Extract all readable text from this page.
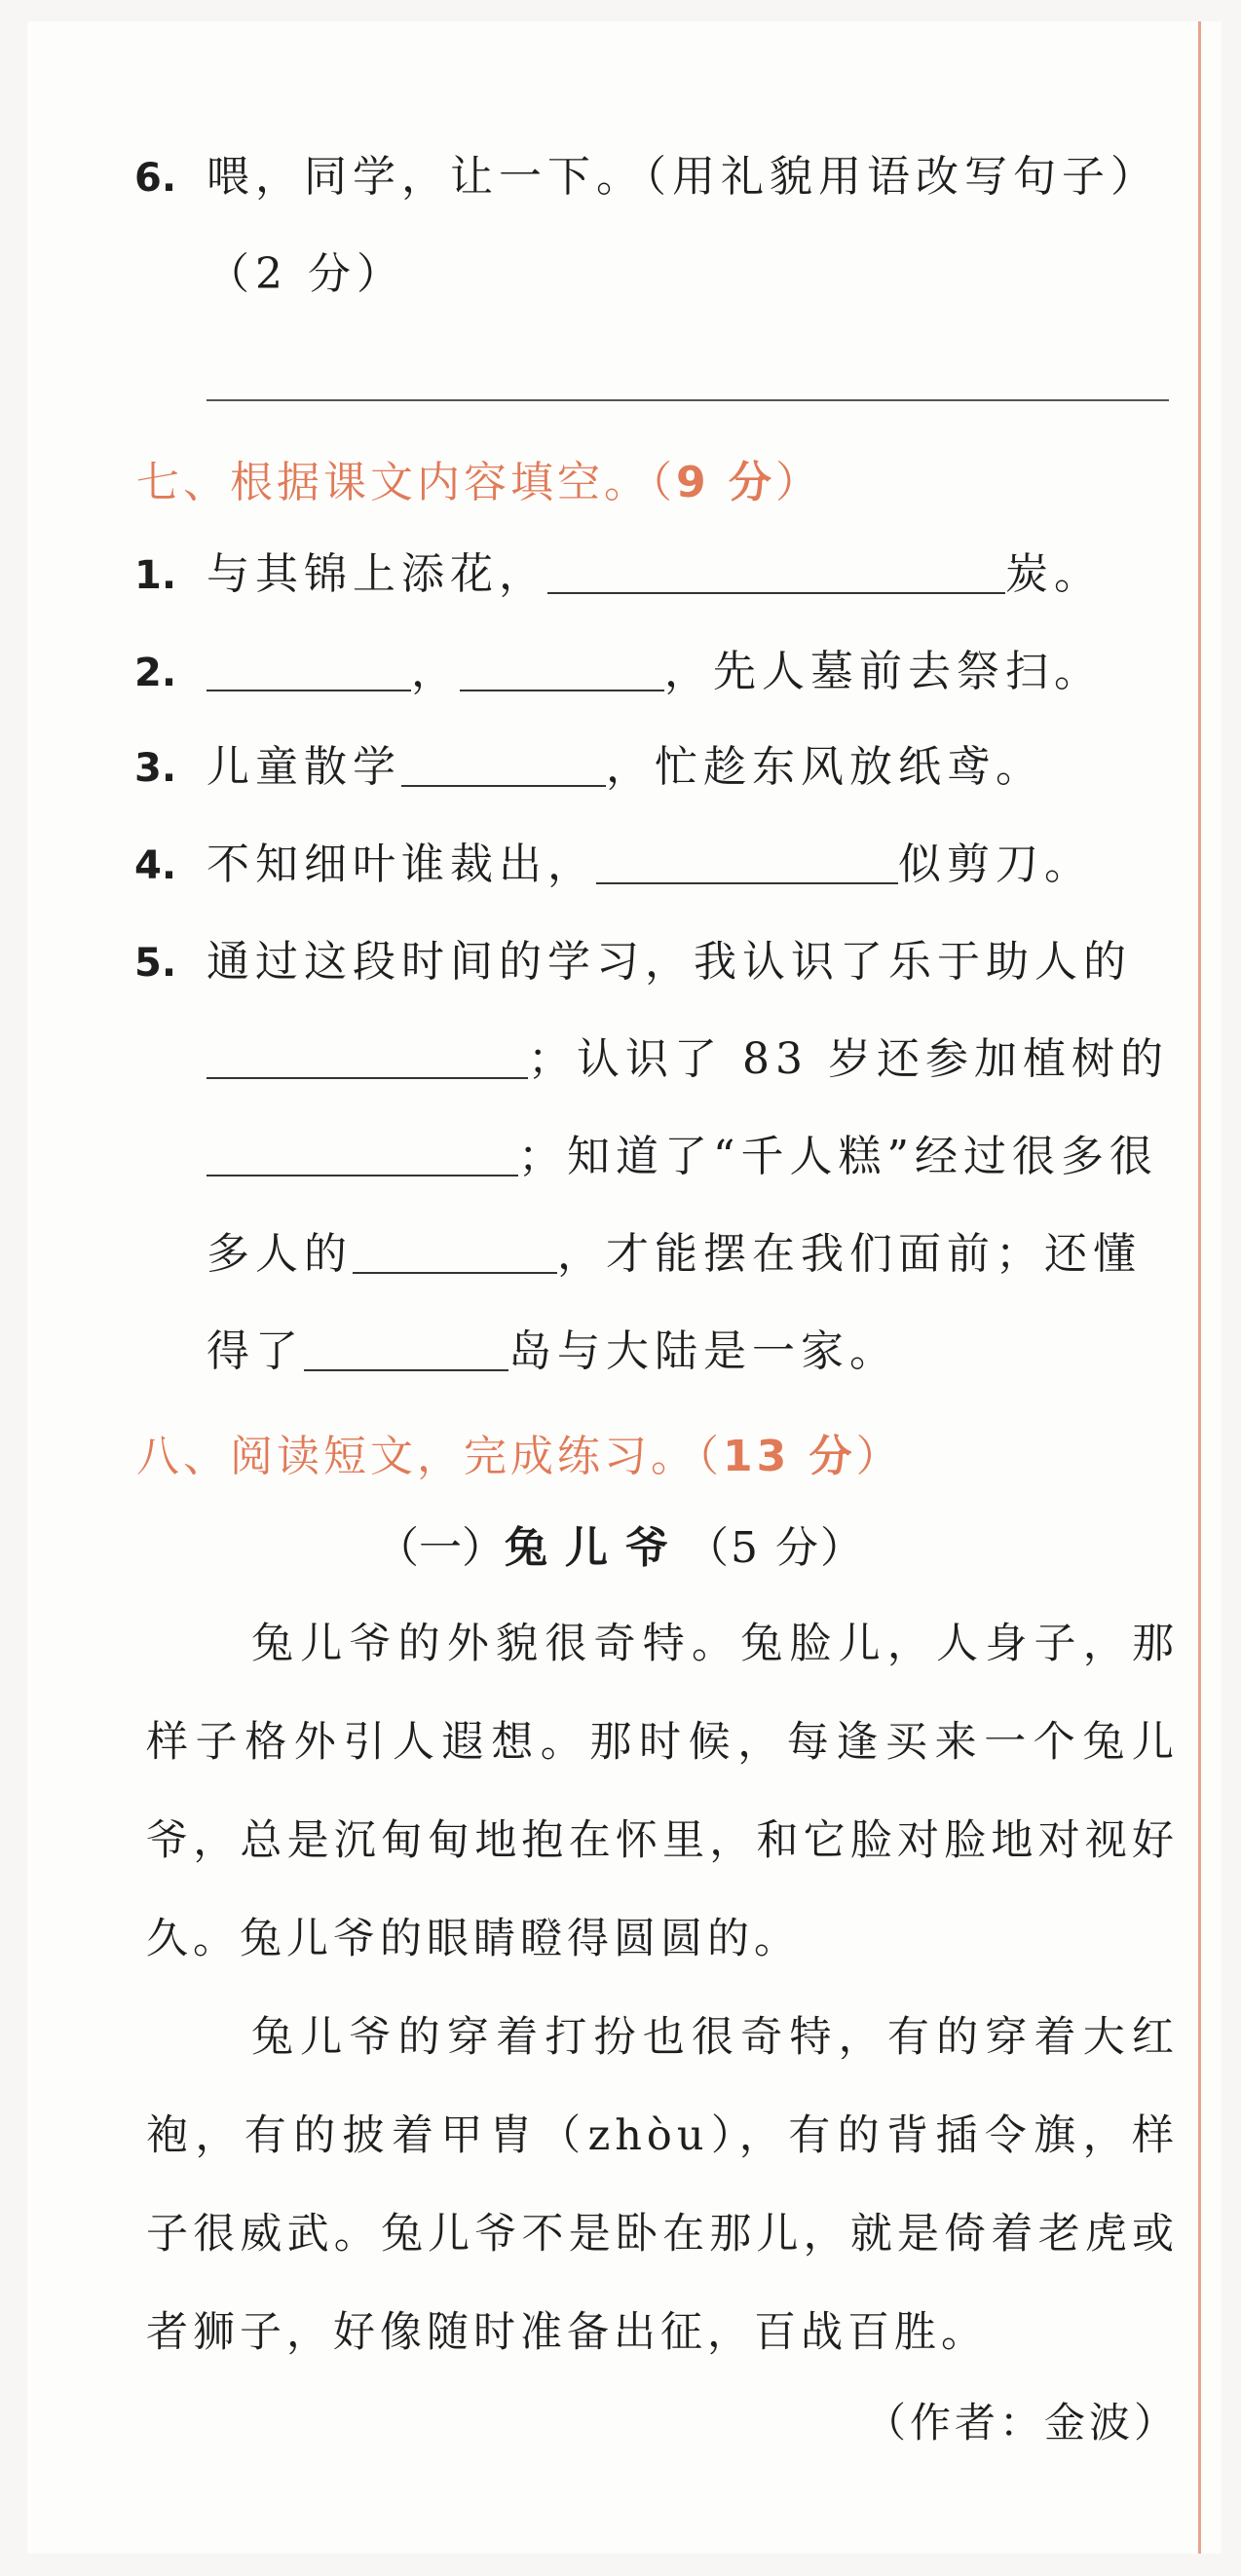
6. 喂，同学，让一下。（用礼貌用语改写句子）
（2 分）
七、根据课文内容填空。（9 分）
1. 与其锦上添花，	炭。
2.	，	，先人墓前去祭扫。
3. 儿童散学	，忙趁东风放纸鸢。
4. 不知细叶谁裁出，	似剪刀。
5. 通过这段时间的学习，我认识了乐于助人的
；认识了 83 岁还参加植树的
；知道了“千人糕”经过很多很
多人的	，才能摆在我们面前；还懂
得了	岛与大陆是一家。
八、阅读短文，完成练习。（13 分）
（一）兔儿爷（5 分）
兔儿爷的外貌很奇特。兔脸儿，人身子，那样子格外引人遐想。那时候，每逢买来一个兔儿爷，总是沉甸甸地抱在怀里，和它脸对脸地对视好久。兔儿爷的眼睛瞪得圆圆的。
兔儿爷的穿着打扮也很奇特，有的穿着大红袍，有的披着甲胄（zhòu），有的背插令旗，样子很威武。兔儿爷不是卧在那儿，就是倚着老虎或者狮子，好像随时准备出征，百战百胜。
（作者：金波）
